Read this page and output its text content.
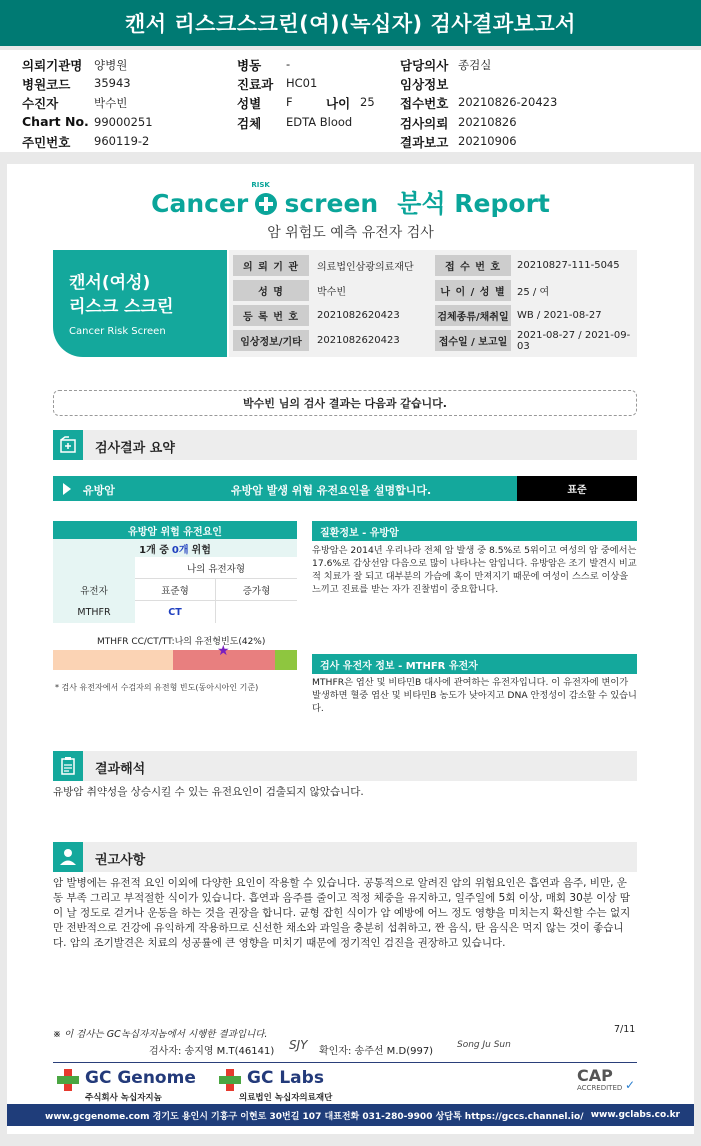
캔서 리스크스크린(여)(녹십자) 검사결과보고서
의뢰기관명 양병원
병원코드 35943
수진자	박수빈
Chart No. 99000251
주민번호 960119-2
병동 -
진료과 HC01
성별 F	나이 25
검체 EDTA Blood
담당의사 종검실
임상정보
접수번호 20210826-20423
검사의뢰 20210826
결과보고 20210906
Cancer
RISK
screen 분석 Report
암 위험도 예측 유전자 검사
캔서(여성)
리스크 스크린
Cancer Risk Screen
의 뢰 기 관	의료법인삼광의료재단	접 수 번 호	20210827-111-5045
성 명	박수빈	나 이 / 성 별	25 / 여
등 록 번 호	2021082620423	검체종류/채취일 WB / 2021-08-27
임상정보/기타	2021082620423	접수일 / 보고일
2021-08-27 / 2021-09-03
박수빈 님의 검사 결과는 다음과 같습니다.
검사결과 요약
유방암	유방암 발생 위험 유전요인을 설명합니다.	표준
유방암 위험 유전요인
1개 중 0개 위험
나의 유전자형
유전자	표준형	증가형
MTHFR	CT
MTHFR CC/CT/TT:나의 유전형빈도(42%)
★
* 검사 유전자에서 수검자의 유전형 빈도(동아시아인 기준)
질환정보 - 유방암
유방암은 2014년 우리나라 전체 암 발생 중 8.5%로 5위이고 여성의 암 중에서는 17.6%로 갑상선암 다음으로 많이 나타나는 암입니다. 유방암은 조기 발견시 비교적 치료가 잘 되고 대부분의 가슴에 혹이 만져지기 때문에 여성이 스스로 이상을 느끼고 진료를 받는 자가 진찰법이 중요합니다.
검사 유전자 정보 - MTHFR 유전자
MTHFR은 엽산 및 비타민B 대사에 관여하는 유전자입니다. 이 유전자에 변이가 발생하면 혈중 엽산 및 비타민B 농도가 낮아지고 DNA 안정성이 감소할 수 있습니다.
결과해석
유방암 취약성을 상승시킬 수 있는 유전요인이 검출되지 않았습니다.
권고사항
암 발병에는 유전적 요인 이외에 다양한 요인이 작용할 수 있습니다. 공통적으로 알려진 암의 위험요인은 흡연과 음주, 비만, 운동 부족 그리고 부적절한 식이가 있습니다. 흡연과 음주를 줄이고 적정 체중을 유지하고, 일주일에 5회 이상, 매회 30분 이상 땀이 날 정도로 걷거나 운동을 하는 것을 권장을 합니다. 균형 잡힌 식이가 암 예방에 어느 정도 영향을 미치는지 확신할 수는 없지만 전반적으로 건강에 유익하게 작용하므로 신선한 채소와 과일을 충분히 섭취하고, 짠 음식, 탄 음식은 먹지 않는 것이 좋습니다. 암의 조기발견은 치료의 성공률에 큰 영향을 미치기 때문에 정기적인 검진을 권장하고 있습니다.
※ 이 검사는 GC녹십자지놈에서 시행한 결과입니다.	7/11
검사자: 송지영 M.T(46141)	확인자: 송주선 M.D(997)
SJY	Song Ju Sun
GC Genome
주식회사 녹십자지놈
GC Labs
의료법인 녹십자의료재단
CAP
ACCREDITED ✓
www.gcgenome.com 경기도 용인시 기흥구 이현로 30번길 107 대표전화 031-280-9900 상담톡 https://gccs.channel.io/ www.gclabs.co.kr
